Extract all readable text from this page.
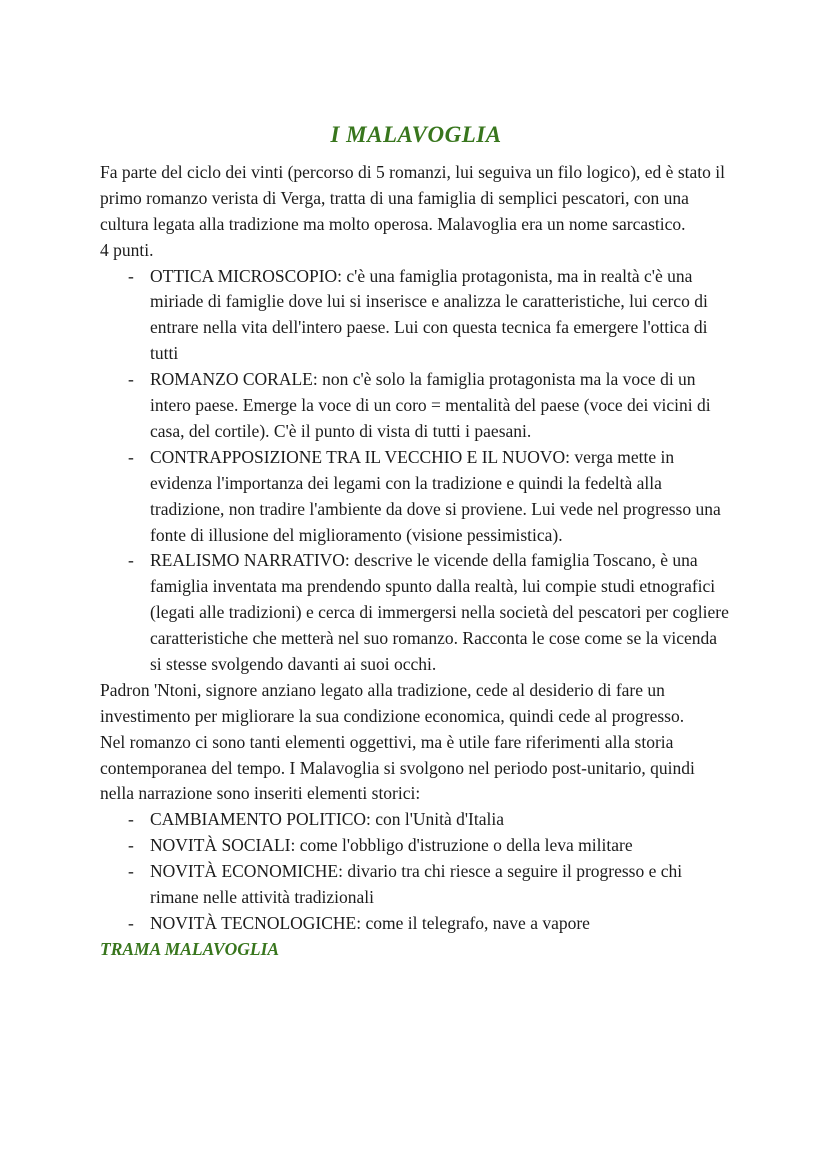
I MALAVOGLIA

Fa parte del ciclo dei vinti (percorso di 5 romanzi, lui seguiva un filo logico), ed è stato il primo romanzo verista di Verga, tratta di una famiglia di semplici pescatori, con una cultura legata alla tradizione ma molto operosa. Malavoglia era un nome sarcastico.

4 punti.

- OTTICA MICROSCOPIO: c'è una famiglia protagonista, ma in realtà c'è una miriade di famiglie dove lui si inserisce e analizza le caratteristiche, lui cerco di entrare nella vita dell'intero paese. Lui con questa tecnica fa emergere l'ottica di tutti
- ROMANZO CORALE: non c'è solo la famiglia protagonista ma la voce di un intero paese. Emerge la voce di un coro = mentalità del paese (voce dei vicini di casa, del cortile). C'è il punto di vista di tutti i paesani.
- CONTRAPPOSIZIONE TRA IL VECCHIO E IL NUOVO: verga mette in evidenza l'importanza dei legami con la tradizione e quindi la fedeltà alla tradizione, non tradire l'ambiente da dove si proviene. Lui vede nel progresso una fonte di illusione del miglioramento (visione pessimistica).
- REALISMO NARRATIVO: descrive le vicende della famiglia Toscano, è una famiglia inventata ma prendendo spunto dalla realtà, lui compie studi etnografici (legati alle tradizioni) e cerca di immergersi nella società del pescatori per cogliere caratteristiche che metterà nel suo romanzo. Racconta le cose come se la vicenda si stesse svolgendo davanti ai suoi occhi.

Padron 'Ntoni, signore anziano legato alla tradizione, cede al desiderio di fare un investimento per migliorare la sua condizione economica, quindi cede al progresso.

Nel romanzo ci sono tanti elementi oggettivi, ma è utile fare riferimenti alla storia contemporanea del tempo. I Malavoglia si svolgono nel periodo post-unitario, quindi nella narrazione sono inseriti elementi storici:

- CAMBIAMENTO POLITICO: con l'Unità d'Italia
- NOVITÀ SOCIALI: come l'obbligo d'istruzione o della leva militare
- NOVITÀ ECONOMICHE: divario tra chi riesce a seguire il progresso e chi rimane nelle attività tradizionali
- NOVITÀ TECNOLOGICHE: come il telegrafo, nave a vapore
TRAMA MALAVOGLIA
